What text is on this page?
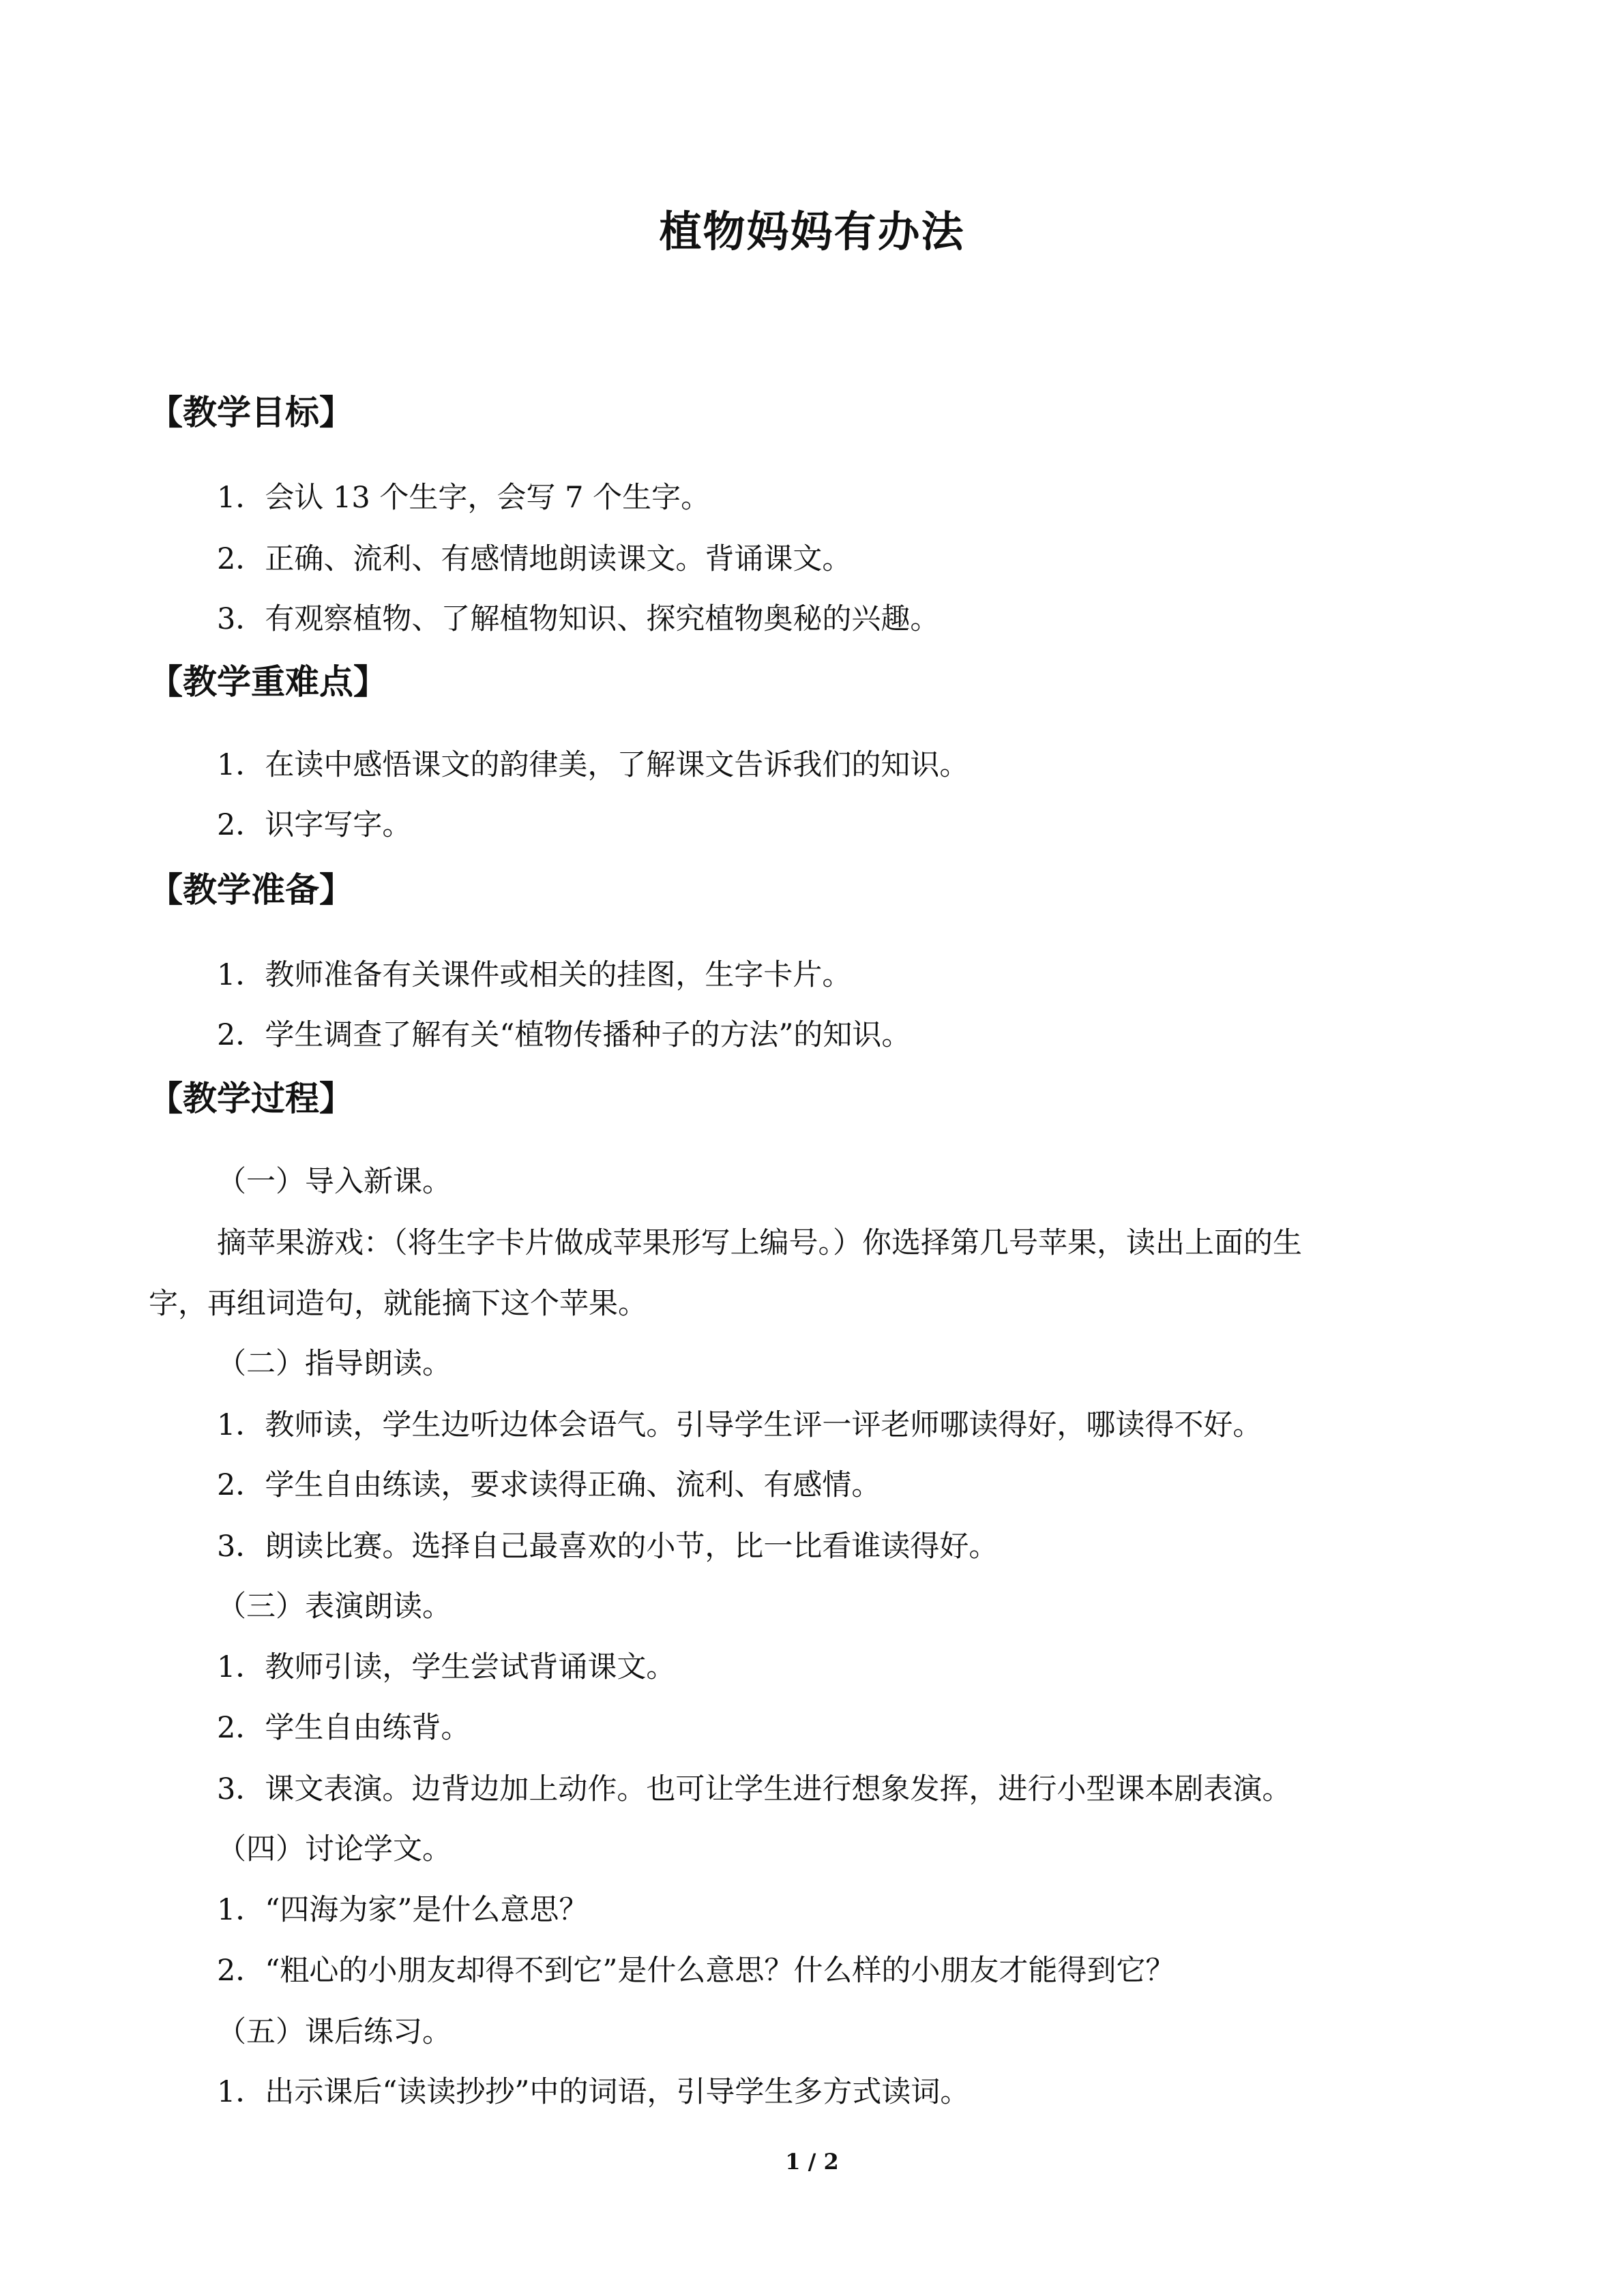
植物妈妈有办法
【教学目标】
1．会认 13 个生字，会写 7 个生字。
2．正确、流利、有感情地朗读课文。背诵课文。
3．有观察植物、了解植物知识、探究植物奥秘的兴趣。
【教学重难点】
1．在读中感悟课文的韵律美，了解课文告诉我们的知识。
2．识字写字。
【教学准备】
1．教师准备有关课件或相关的挂图，生字卡片。
2．学生调查了解有关“植物传播种子的方法”的知识。
【教学过程】
（一）导入新课。
摘苹果游戏：（将生字卡片做成苹果形写上编号。）你选择第几号苹果，读出上面的生
字，再组词造句，就能摘下这个苹果。
（二）指导朗读。
1．教师读，学生边听边体会语气。引导学生评一评老师哪读得好，哪读得不好。
2．学生自由练读，要求读得正确、流利、有感情。
3．朗读比赛。选择自己最喜欢的小节，比一比看谁读得好。
（三）表演朗读。
1．教师引读，学生尝试背诵课文。
2．学生自由练背。
3．课文表演。边背边加上动作。也可让学生进行想象发挥，进行小型课本剧表演。
（四）讨论学文。
1．“四海为家”是什么意思？
2．“粗心的小朋友却得不到它”是什么意思？什么样的小朋友才能得到它？
（五）课后练习。
1．出示课后“读读抄抄”中的词语，引导学生多方式读词。
1 / 2
